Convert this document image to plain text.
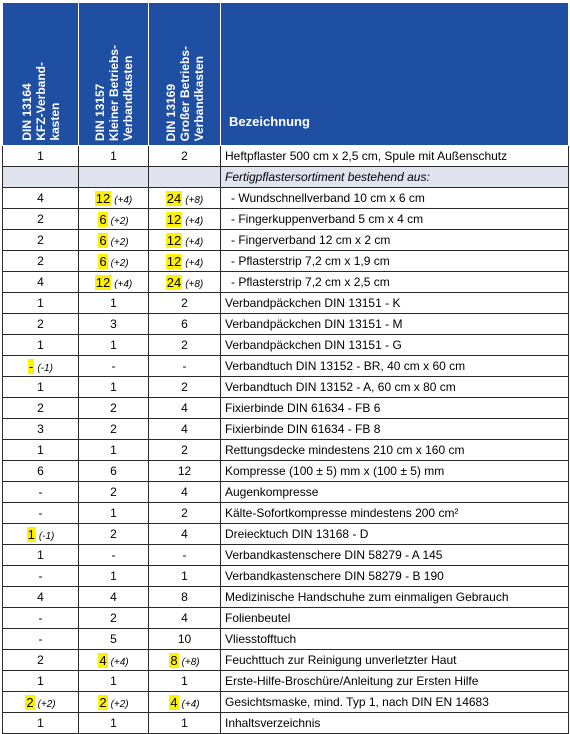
DIN 13164 KFZ-Verband- kasten	DIN 13157 Kleiner Betriebs- Verbandkasten	DIN 13169 Großer Betriebs- Verbandkasten	Bezeichnung
1	1	2	Heftpflaster 500 cm x 2,5 cm, Spule mit Außenschutz
			Fertigpflastersortiment bestehend aus:
4	12 (+4)	24 (+8)	- Wundschnellverband 10 cm x 6 cm
2	6 (+2)	12 (+4)	- Fingerkuppenverband 5 cm x 4 cm
2	6 (+2)	12 (+4)	- Fingerverband 12 cm x 2 cm
2	6 (+2)	12 (+4)	- Pflasterstrip 7,2 cm x 1,9 cm
4	12 (+4)	24 (+8)	- Pflasterstrip 7,2 cm x 2,5 cm
1	1	2	Verbandpäckchen DIN 13151 - K
2	3	6	Verbandpäckchen DIN 13151 - M
1	1	2	Verbandpäckchen DIN 13151 - G
- (-1)	-	-	Verbandtuch DIN 13152 - BR, 40 cm x 60 cm
1	1	2	Verbandtuch DIN 13152 - A, 60 cm x 80 cm
2	2	4	Fixierbinde DIN 61634 - FB 6
3	2	4	Fixierbinde DIN 61634 - FB 8
1	1	2	Rettungsdecke mindestens 210 cm x 160 cm
6	6	12	Kompresse (100 ± 5) mm x (100 ± 5) mm
-	2	4	Augenkompresse
-	1	2	Kälte-Sofortkompresse mindestens 200 cm²
1 (-1)	2	4	Dreiecktuch DIN 13168 - D
1	-	-	Verbandkastenschere DIN 58279 - A 145
-	1	1	Verbandkastenschere DIN 58279 - B 190
4	4	8	Medizinische Handschuhe zum einmaligen Gebrauch
-	2	4	Folienbeutel
-	5	10	Vliesstofftuch
2	4 (+4)	8 (+8)	Feuchttuch zur Reinigung unverletzter Haut
1	1	1	Erste-Hilfe-Broschüre/Anleitung zur Ersten Hilfe
2 (+2)	2 (+2)	4 (+4)	Gesichtsmaske, mind. Typ 1, nach DIN EN 14683
1	1	1	Inhaltsverzeichnis
